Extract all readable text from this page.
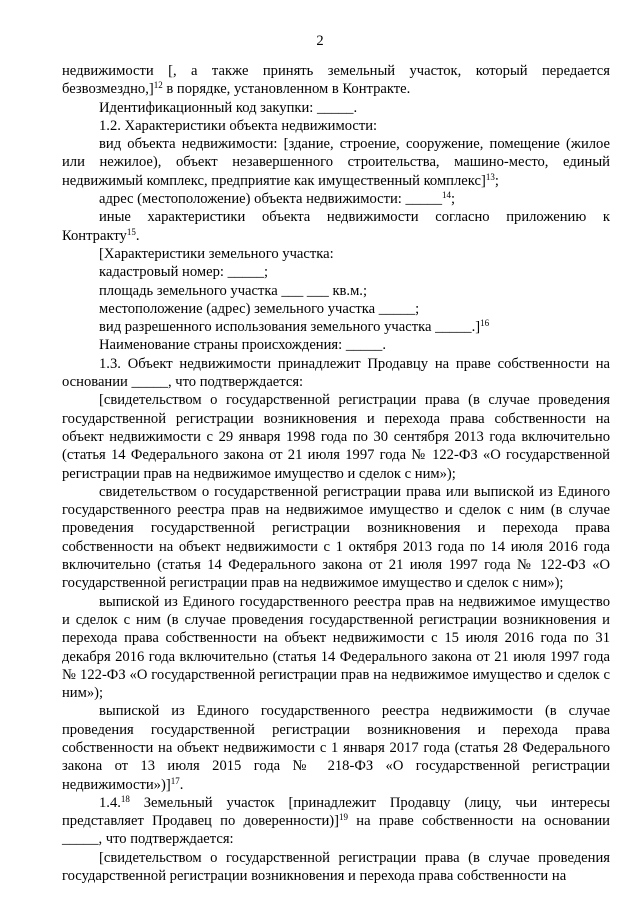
2

недвижимости [, а также принять земельный участок, который передается безвозмездно,]$^{12}$ в порядке, установленном в Контракте.

Идентификационный код закупки: _____.

1.2. Характеристики объекта недвижимости:

вид объекта недвижимости: [здание, строение, сооружение, помещение (жилое или нежилое), объект незавершенного строительства, машино-место, единый недвижимый комплекс, предприятие как имущественный комплекс]$^{13}$;

адрес (местоположение) объекта недвижимости: _____$^{14}$;

иные характеристики объекта недвижимости согласно приложению к Контракту$^{15}$.

[Характеристики земельного участка:

кадастровый номер: _____;

площадь земельного участка ___ ___ кв.м.;

местоположение (адрес) земельного участка _____;

вид разрешенного использования земельного участка _____.]$^{16}$

Наименование страны происхождения: _____.

1.3. Объект недвижимости принадлежит Продавцу на праве собственности на основании _____, что подтверждается:

[свидетельством о государственной регистрации права (в случае проведения государственной регистрации возникновения и перехода права собственности на объект недвижимости с 29 января 1998 года по 30 сентября 2013 года включительно (статья 14 Федерального закона от 21 июля 1997 года № 122-ФЗ «О государственной регистрации прав на недвижимое имущество и сделок с ним»);

свидетельством о государственной регистрации права или выпиской из Единого государственного реестра прав на недвижимое имущество и сделок с ним (в случае проведения государственной регистрации возникновения и перехода права собственности на объект недвижимости с 1 октября 2013 года по 14 июля 2016 года включительно (статья 14 Федерального закона от 21 июля 1997 года № 122-ФЗ «О государственной регистрации прав на недвижимое имущество и сделок с ним»);

выпиской из Единого государственного реестра прав на недвижимое имущество и сделок с ним (в случае проведения государственной регистрации возникновения и перехода права собственности на объект недвижимости с 15 июля 2016 года по 31 декабря 2016 года включительно (статья 14 Федерального закона от 21 июля 1997 года № 122-ФЗ «О государственной регистрации прав на недвижимое имущество и сделок с ним»);

выпиской из Единого государственного реестра недвижимости (в случае проведения государственной регистрации возникновения и перехода права собственности на объект недвижимости с 1 января 2017 года (статья 28 Федерального закона от 13 июля 2015 года № 218-ФЗ «О государственной регистрации недвижимости»)]$^{17}$.

1.4.18 Земельный участок [принадлежит Продавцу (лицу, чьи интересы представляет Продавец по доверенности)]$^{19}$ на праве собственности на основании _____, что подтверждается:

[свидетельством о государственной регистрации права (в случае проведения государственной регистрации возникновения и перехода права собственности на
